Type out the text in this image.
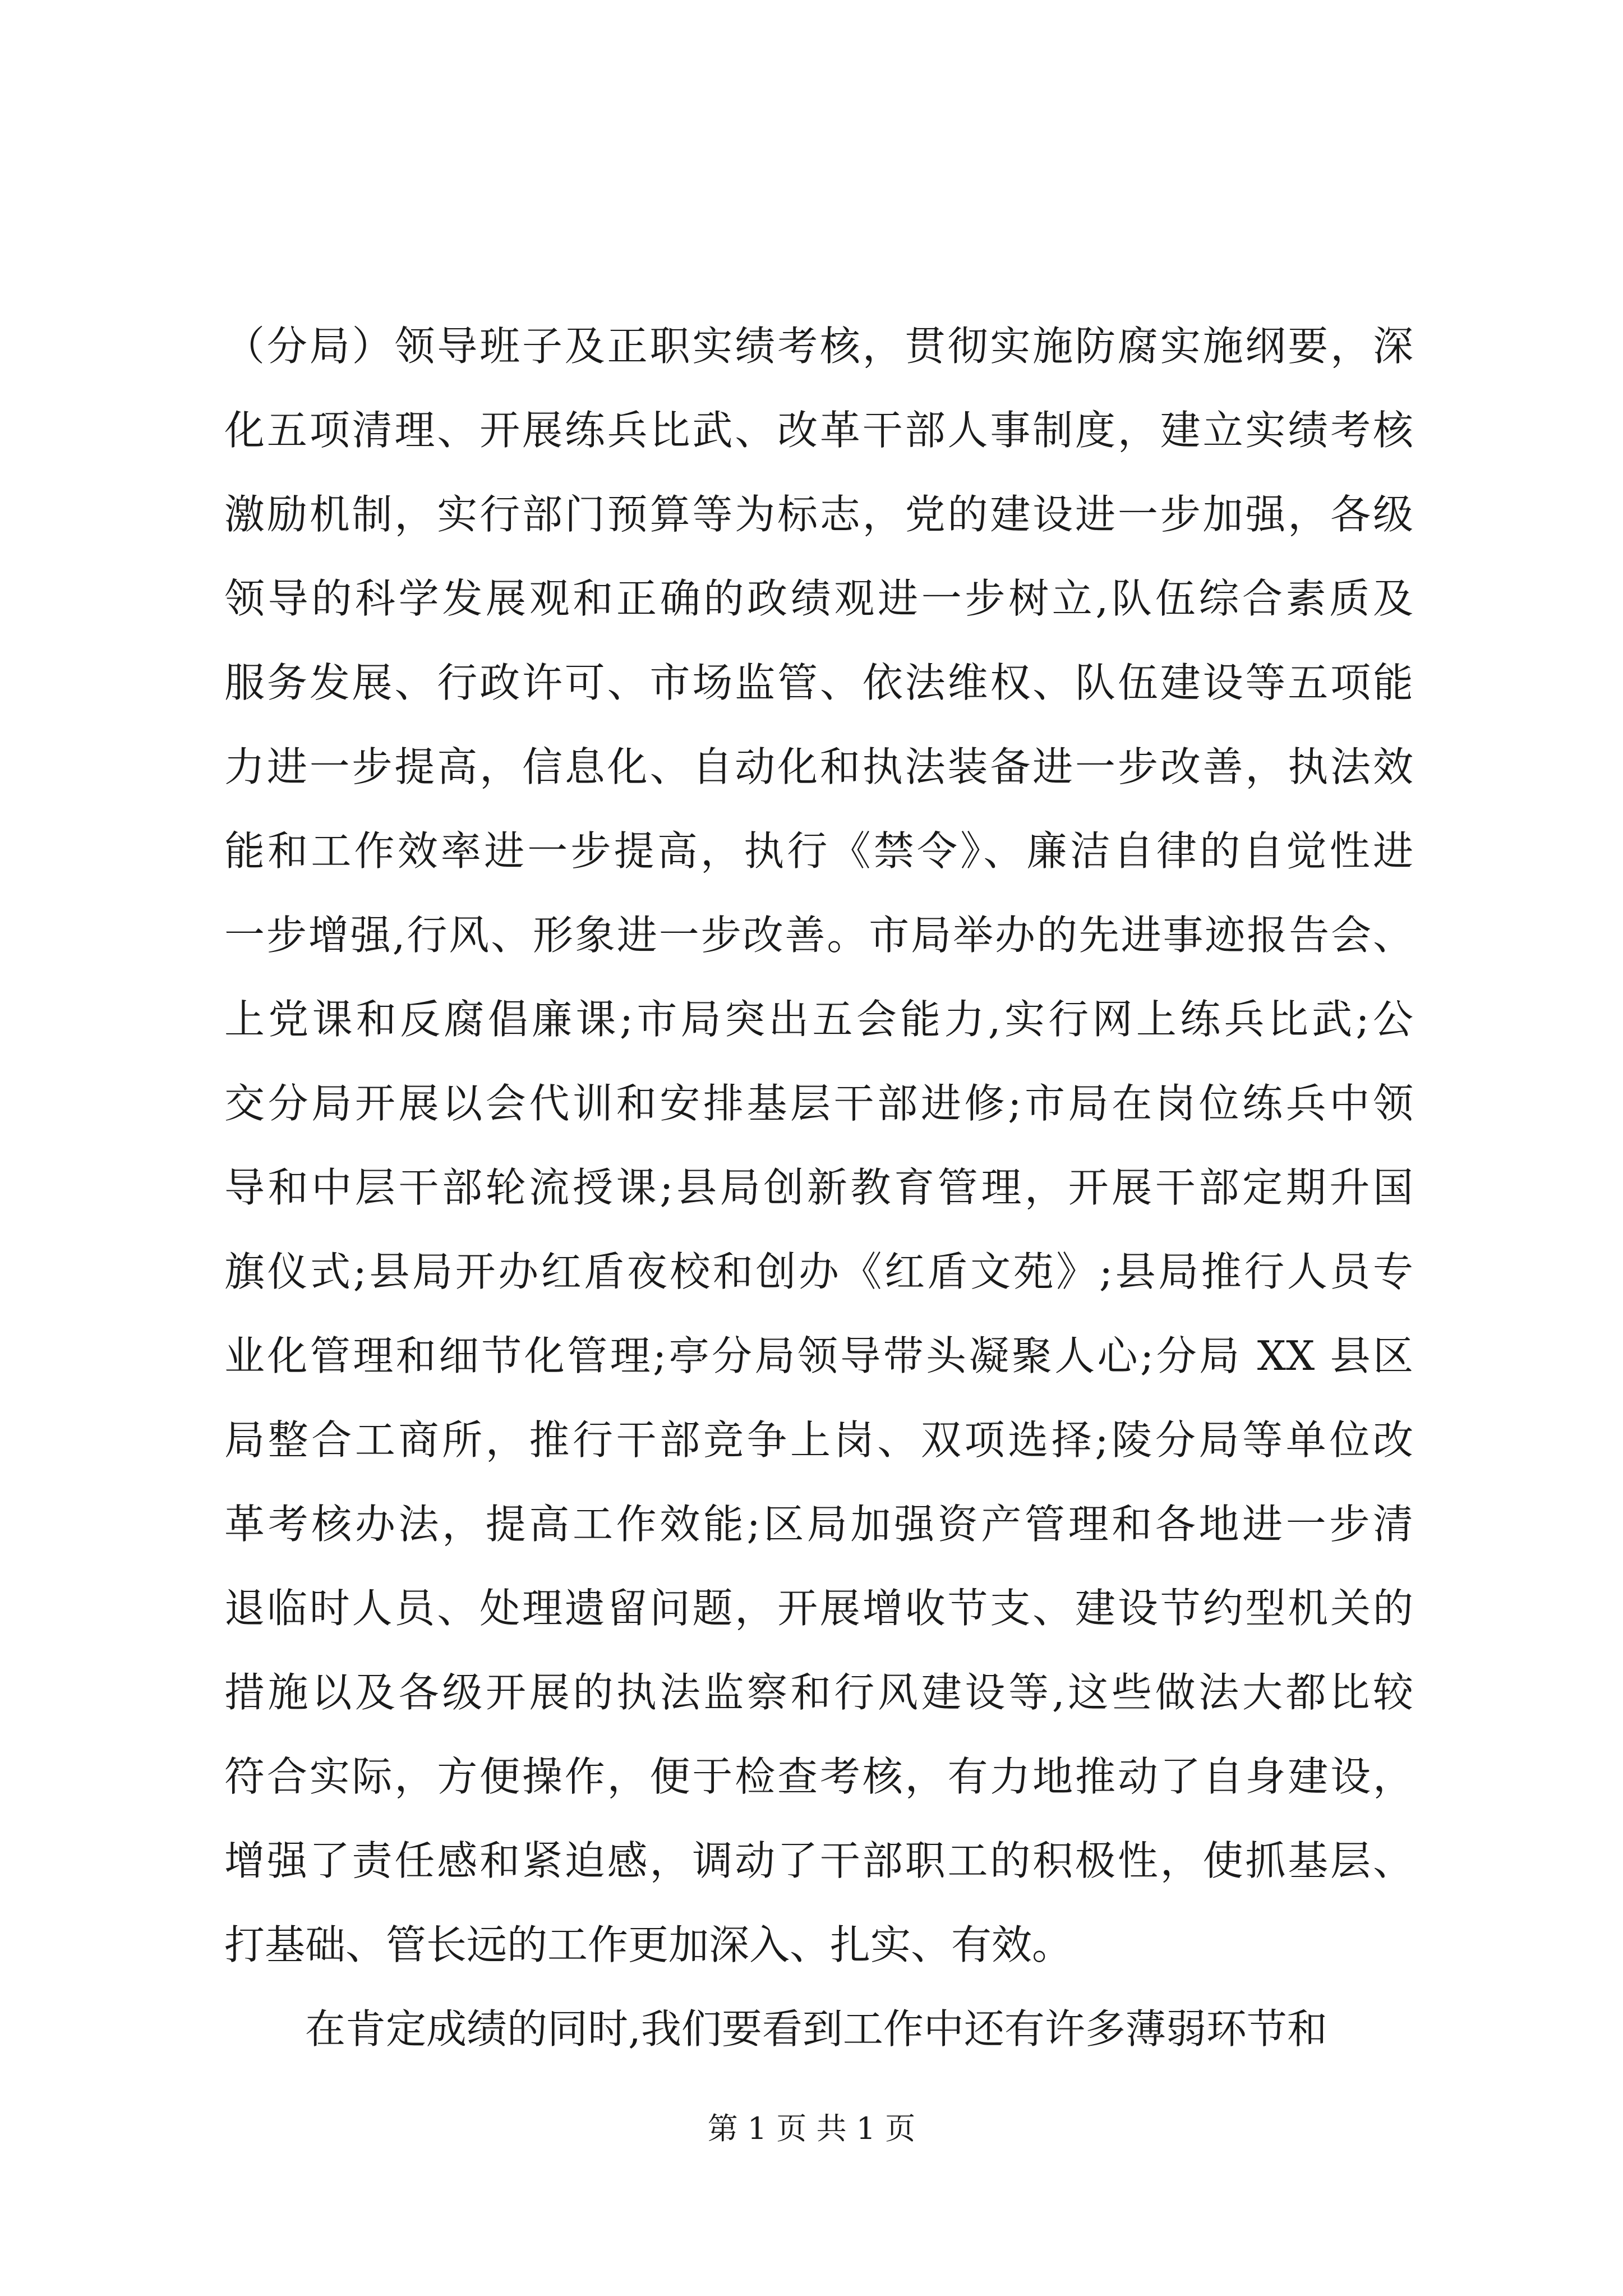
（分局）领导班子及正职实绩考核，贯彻实施防腐实施纲要，深
化五项清理、开展练兵比武、改革干部人事制度，建立实绩考核
激励机制，实行部门预算等为标志，党的建设进一步加强，各级
领导的科学发展观和正确的政绩观进一步树立,队伍综合素质及
服务发展、行政许可、市场监管、依法维权、队伍建设等五项能
力进一步提高，信息化、自动化和执法装备进一步改善，执法效
能和工作效率进一步提高，执行《禁令》、廉洁自律的自觉性进
一步增强,行风、形象进一步改善。市局举办的先进事迹报告会、
上党课和反腐倡廉课;市局突出五会能力,实行网上练兵比武;公
交分局开展以会代训和安排基层干部进修;市局在岗位练兵中领
导和中层干部轮流授课;县局创新教育管理，开展干部定期升国
旗仪式;县局开办红盾夜校和创办《红盾文苑》;县局推行人员专
业化管理和细节化管理;亭分局领导带头凝聚人心;分局 XX 县区
局整合工商所，推行干部竞争上岗、双项选择;陵分局等单位改
革考核办法，提高工作效能;区局加强资产管理和各地进一步清
退临时人员、处理遗留问题，开展增收节支、建设节约型机关的
措施以及各级开展的执法监察和行风建设等,这些做法大都比较
符合实际，方便操作，便于检查考核，有力地推动了自身建设，
增强了责任感和紧迫感，调动了干部职工的积极性，使抓基层、
打基础、管长远的工作更加深入、扎实、有效。
在肯定成绩的同时,我们要看到工作中还有许多薄弱环节和
第 1 页 共 1 页
